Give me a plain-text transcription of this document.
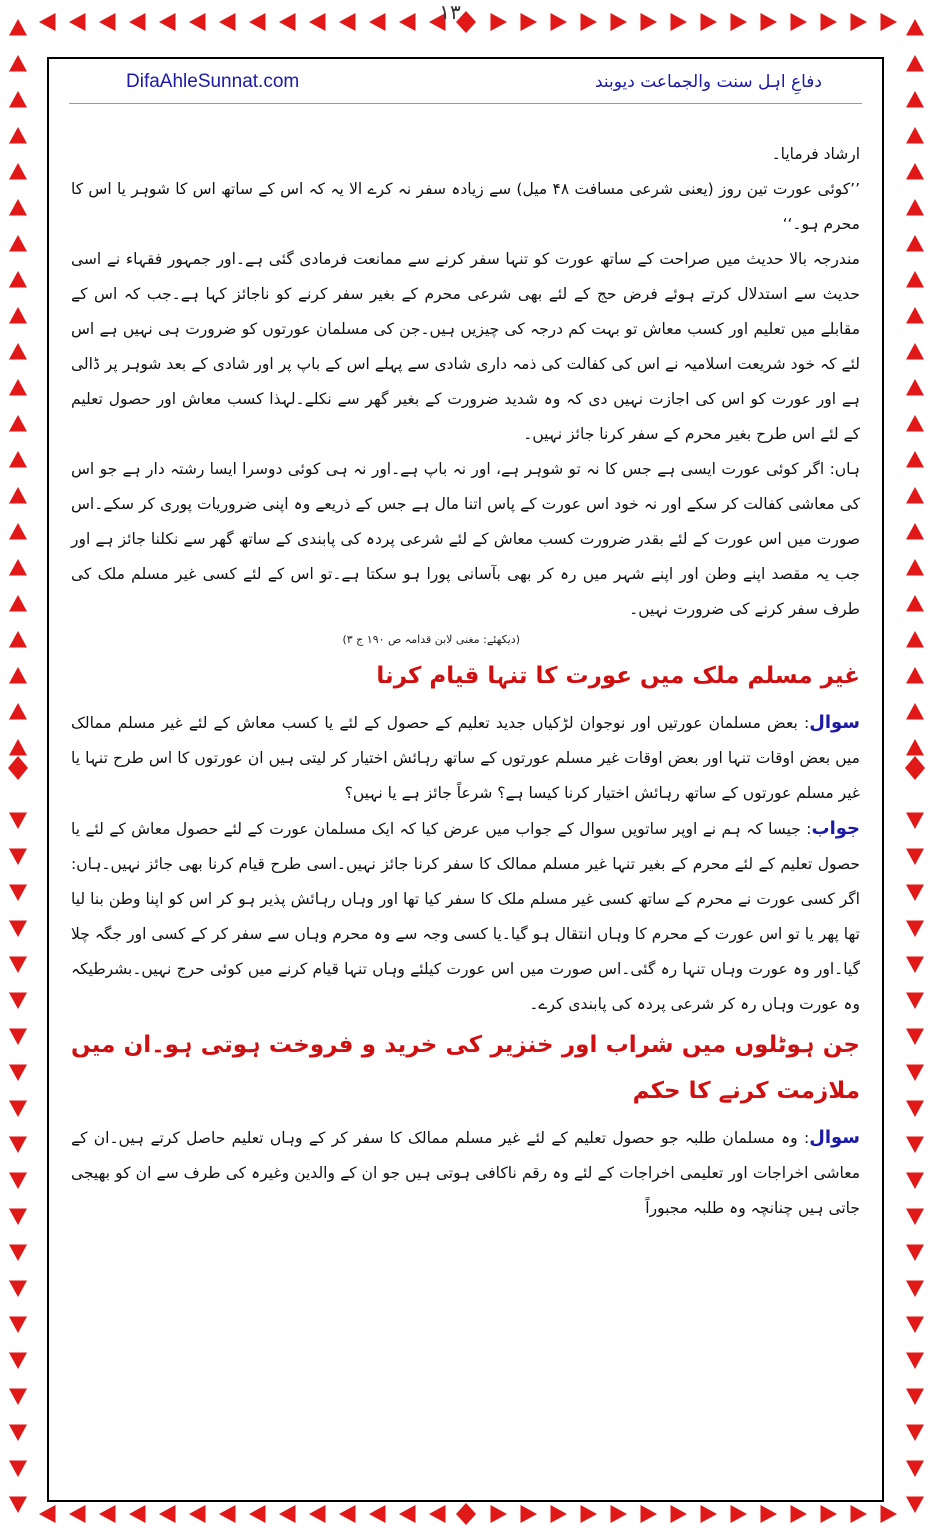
۱۳
DifaAhleSunnat.com	دفاعِ اہل سنت والجماعت دیوبند

ارشاد فرمایا۔

’’کوئی عورت تین روز (یعنی شرعی مسافت ۴۸ میل) سے زیادہ سفر نہ کرے الا یہ کہ اس کے ساتھ اس کا شوہر یا اس کا محرم ہو۔‘‘

مندرجہ بالا حدیث میں صراحت کے ساتھ عورت کو تنہا سفر کرنے سے ممانعت فرمادی گئی ہے۔اور جمہور فقہاء نے اسی حدیث سے استدلال کرتے ہوئے فرض حج کے لئے بھی شرعی محرم کے بغیر سفر کرنے کو ناجائز کہا ہے۔جب کہ اس کے مقابلے میں تعلیم اور کسب معاش تو بہت کم درجہ کی چیزیں ہیں۔جن کی مسلمان عورتوں کو ضرورت ہی نہیں ہے اس لئے کہ خود شریعت اسلامیہ نے اس کی کفالت کی ذمہ داری شادی سے پہلے اس کے باپ پر اور شادی کے بعد شوہر پر ڈالی ہے اور عورت کو اس کی اجازت نہیں دی کہ وہ شدید ضرورت کے بغیر گھر سے نکلے۔لہذا کسب معاش اور حصول تعلیم کے لئے اس طرح بغیر محرم کے سفر کرنا جائز نہیں۔

ہاں: اگر کوئی عورت ایسی ہے جس کا نہ تو شوہر ہے، اور نہ باپ ہے۔اور نہ ہی کوئی دوسرا ایسا رشتہ دار ہے جو اس کی معاشی کفالت کر سکے اور نہ خود اس عورت کے پاس اتنا مال ہے جس کے ذریعے وہ اپنی ضروریات پوری کر سکے۔اس صورت میں اس عورت کے لئے بقدر ضرورت کسب معاش کے لئے شرعی پردہ کی پابندی کے ساتھ گھر سے نکلنا جائز ہے اور جب یہ مقصد اپنے وطن اور اپنے شہر میں رہ کر بھی بآسانی پورا ہو سکتا ہے۔تو اس کے لئے کسی غیر مسلم ملک کی طرف سفر کرنے کی ضرورت نہیں۔

(دیکھئے: مغنی لابن قدامہ ص ۱۹۰ ج ۳)

غیر مسلم ملک میں عورت کا تنہا قیام کرنا

سوال: بعض مسلمان عورتیں اور نوجوان لڑکیاں جدید تعلیم کے حصول کے لئے یا کسب معاش کے لئے غیر مسلم ممالک میں بعض اوقات تنہا اور بعض اوقات غیر مسلم عورتوں کے ساتھ رہائش اختیار کر لیتی ہیں ان عورتوں کا اس طرح تنہا یا غیر مسلم عورتوں کے ساتھ رہائش اختیار کرنا کیسا ہے؟ شرعاً جائز ہے یا نہیں؟

جواب: جیسا کہ ہم نے اوپر ساتویں سوال کے جواب میں عرض کیا کہ ایک مسلمان عورت کے لئے حصول معاش کے لئے یا حصول تعلیم کے لئے محرم کے بغیر تنہا غیر مسلم ممالک کا سفر کرنا جائز نہیں۔اسی طرح قیام کرنا بھی جائز نہیں۔ہاں: اگر کسی عورت نے محرم کے ساتھ کسی غیر مسلم ملک کا سفر کیا تھا اور وہاں رہائش پذیر ہو کر اس کو اپنا وطن بنا لیا تھا پھر یا تو اس عورت کے محرم کا وہاں انتقال ہو گیا۔یا کسی وجہ سے وہ محرم وہاں سے سفر کر کے کسی اور جگہ چلا گیا۔اور وہ عورت وہاں تنہا رہ گئی۔اس صورت میں اس عورت کیلئے وہاں تنہا قیام کرنے میں کوئی حرج نہیں۔بشرطیکہ وہ عورت وہاں رہ کر شرعی پردہ کی پابندی کرے۔

جن ہوٹلوں میں شراب اور خنزیر کی خرید و فروخت ہوتی ہو۔ان میں ملازمت کرنے کا حکم

سوال: وہ مسلمان طلبہ جو حصول تعلیم کے لئے غیر مسلم ممالک کا سفر کر کے وہاں تعلیم حاصل کرتے ہیں۔ان کے معاشی اخراجات اور تعلیمی اخراجات کے لئے وہ رقم ناکافی ہوتی ہیں جو ان کے والدین وغیرہ کی طرف سے ان کو بھیجی جاتی ہیں چنانچہ وہ طلبہ مجبوراً
